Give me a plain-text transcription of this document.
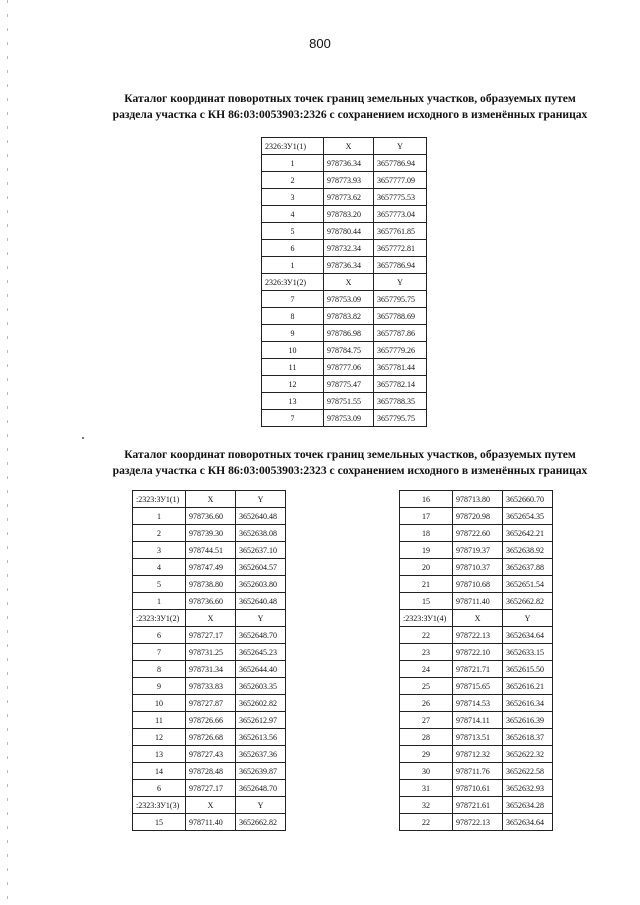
800
Каталог координат поворотных точек границ земельных участков, образуемых путем
раздела участка с КН 86:03:0053903:2326 с сохранением исходного в изменённых границах
2326:ЗУ1(1)	X	Y
1	978736.34	3657786.94
2	978773.93	3657777.09
3	978773.62	3657775.53
4	978783.20	3657773.04
5	978780.44	3657761.85
6	978732.34	3657772.81
1	978736.34	3657786.94
2326:ЗУ1(2)	X	Y
7	978753.09	3657795.75
8	978783.82	3657788.69
9	978786.98	3657787.86
10	978784.75	3657779.26
11	978777.06	3657781.44
12	978775.47	3657782.14
13	978751.55	3657788.35
7	978753.09	3657795.75
Каталог координат поворотных точек границ земельных участков, образуемых путем
раздела участка с КН 86:03:0053903:2323 с сохранением исходного в изменённых границах
:2323:ЗУ1(1)	X	Y
1	978736.60	3652640.48
2	978739.30	3652638.08
3	978744.51	3652637.10
4	978747.49	3652604.57
5	978738.80	3652603.80
1	978736.60	3652640.48
:2323:ЗУ1(2)	X	Y
6	978727.17	3652648.70
7	978731.25	3652645.23
8	978731.34	3652644.40
9	978733.83	3652603.35
10	978727.87	3652602.82
11	978726.66	3652612.97
12	978726.68	3652613.56
13	978727.43	3652637.36
14	978728.48	3652639.87
6	978727.17	3652648.70
:2323:ЗУ1(3)	X	Y
15	978711.40	3652662.82
16	978713.80	3652660.70
17	978720.98	3652654.35
18	978722.60	3652642.21
19	978719.37	3652638.92
20	978710.37	3652637.88
21	978710.68	3652651.54
15	978711.40	3652662.82
:2323:ЗУ1(4)	X	Y
22	978722.13	3652634.64
23	978722.10	3652633.15
24	978721.71	3652615.50
25	978715.65	3652616.21
26	978714.53	3652616.34
27	978714.11	3652616.39
28	978713.51	3652618.37
29	978712.32	3652622.32
30	978711.76	3652622.58
31	978710.61	3652632.93
32	978721.61	3652634.28
22	978722.13	3652634.64
